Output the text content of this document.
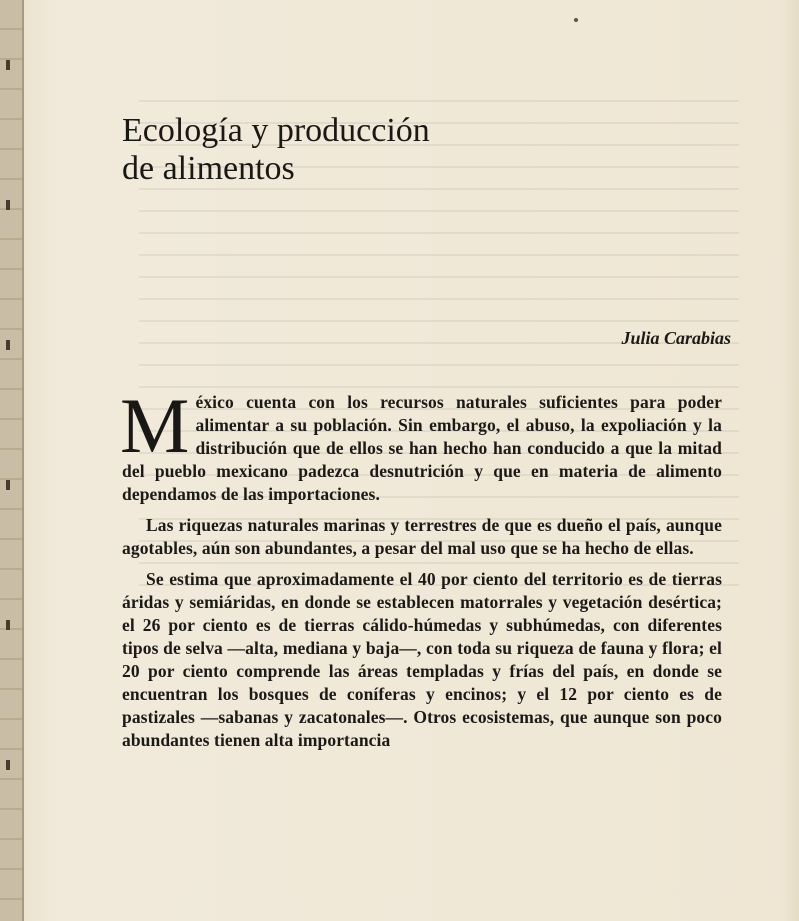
Ecología y producción
de alimentos
Julia Carabias

México cuenta con los recursos naturales suficientes para poder alimentar a su población. Sin embargo, el abuso, la expoliación y la distribución que de ellos se han hecho han conducido a que la mitad del pueblo mexicano padezca desnutrición y que en materia de alimento dependamos de las importaciones.

Las riquezas naturales marinas y terrestres de que es dueño el país, aunque agotables, aún son abundantes, a pesar del mal uso que se ha hecho de ellas.

Se estima que aproximadamente el 40 por ciento del territorio es de tierras áridas y semiáridas, en donde se establecen matorrales y vegetación desértica; el 26 por ciento es de tierras cálido-húmedas y subhúmedas, con diferentes tipos de selva —alta, mediana y baja—, con toda su riqueza de fauna y flora; el 20 por ciento comprende las áreas templadas y frías del país, en donde se encuentran los bosques de coníferas y encinos; y el 12 por ciento es de pastizales —sabanas y zacatonales—. Otros ecosistemas, que aunque son poco abundantes tienen alta importancia
